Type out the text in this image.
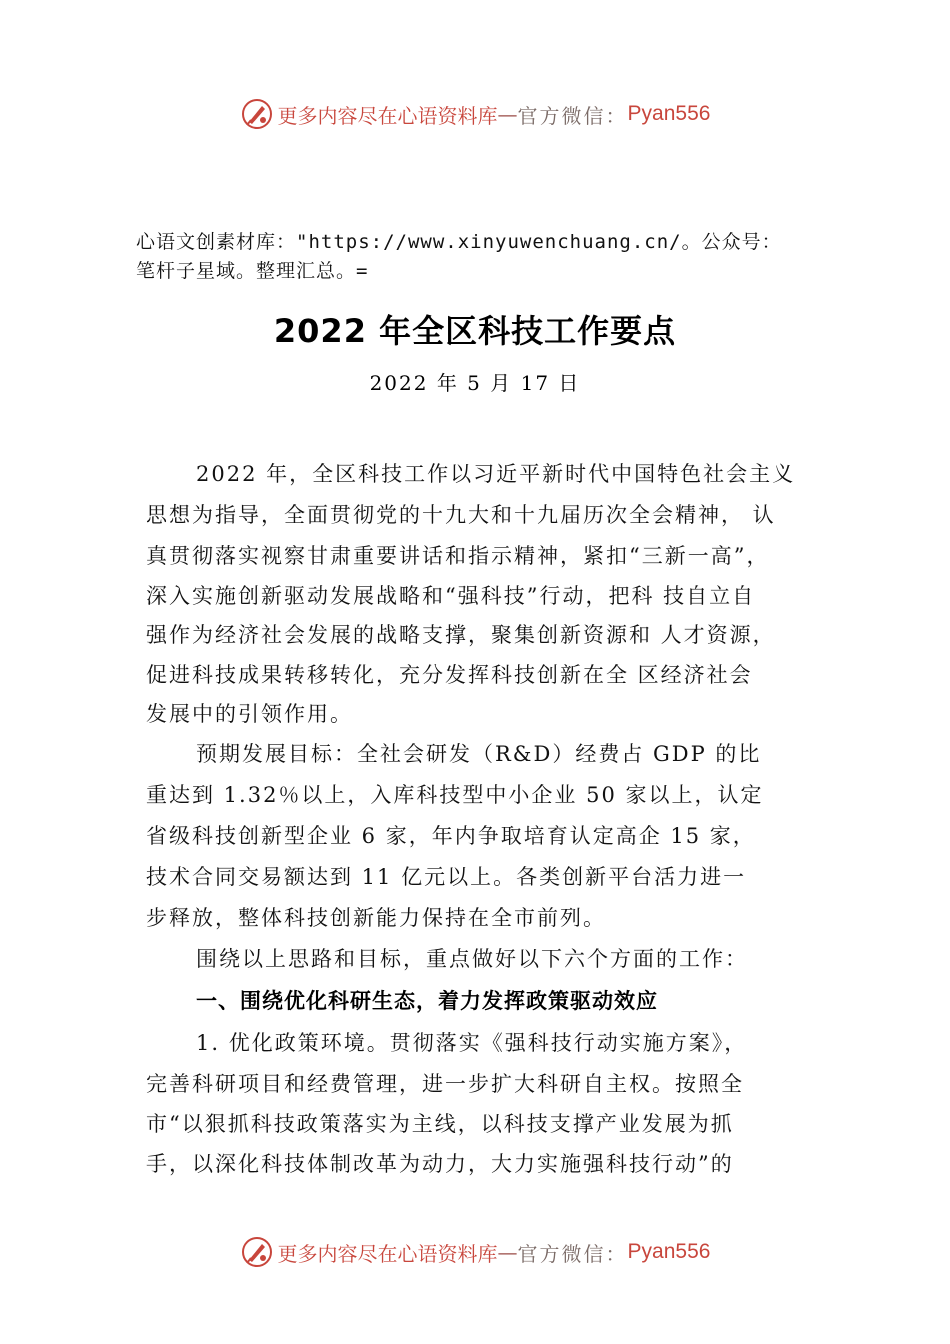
更多内容尽在心语资料库 — 官方微信： Pyan556
心语文创素材库："https://www.xinyuwenchuang.cn/。公众号：
笔杆子星域。整理汇总。=
2022 年全区科技工作要点
2022 年 5 月 17 日
2022 年，全区科技工作以习近平新时代中国特色社会主义
思想为指导，全面贯彻党的十九大和十九届历次全会精神， 认
真贯彻落实视察甘肃重要讲话和指示精神，紧扣“三新一高”，
深入实施创新驱动发展战略和“强科技”行动，把科 技自立自
强作为经济社会发展的战略支撑，聚集创新资源和 人才资源，
促进科技成果转移转化，充分发挥科技创新在全 区经济社会
发展中的引领作用。
预期发展目标：全社会研发（R&D）经费占 GDP 的比
重达到 1.32％以上，入库科技型中小企业 50 家以上，认定
省级科技创新型企业 6 家，年内争取培育认定高企 15 家，
技术合同交易额达到 11 亿元以上。各类创新平台活力进一
步释放，整体科技创新能力保持在全市前列。
围绕以上思路和目标，重点做好以下六个方面的工作：
一、围绕优化科研生态，着力发挥政策驱动效应
1. 优化政策环境。贯彻落实《强科技行动实施方案》，
完善科研项目和经费管理，进一步扩大科研自主权。按照全
市“以狠抓科技政策落实为主线，以科技支撑产业发展为抓
手，以深化科技体制改革为动力，大力实施强科技行动”的
更多内容尽在心语资料库 — 官方微信： Pyan556
